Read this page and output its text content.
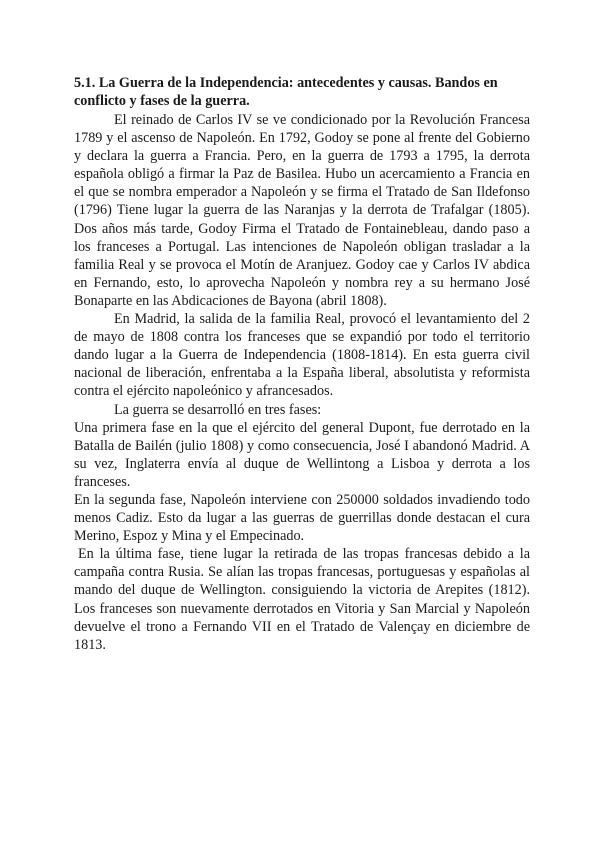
5.1. La Guerra de la Independencia: antecedentes y causas. Bandos en conflicto y fases de la guerra.

El reinado de Carlos IV se ve condicionado por la Revolución Francesa 1789 y el ascenso de Napoleón. En 1792, Godoy se pone al frente del Gobierno y declara la guerra a Francia. Pero, en la guerra de 1793 a 1795, la derrota española obligó a firmar la Paz de Basilea. Hubo un acercamiento a Francia en el que se nombra emperador a Napoleón y se firma el Tratado de San Ildefonso (1796) Tiene lugar la guerra de las Naranjas y la derrota de Trafalgar (1805). Dos años más tarde, Godoy Firma el Tratado de Fontainebleau, dando paso a los franceses a Portugal. Las intenciones de Napoleón obligan trasladar a la familia Real y se provoca el Motín de Aranjuez. Godoy cae y Carlos IV abdica en Fernando, esto, lo aprovecha Napoleón y nombra rey a su hermano José Bonaparte en las Abdicaciones de Bayona (abril 1808).

En Madrid, la salida de la familia Real, provocó el levantamiento del 2 de mayo de 1808 contra los franceses que se expandió por todo el territorio dando lugar a la Guerra de Independencia (1808-1814). En esta guerra civil nacional de liberación, enfrentaba a la España liberal, absolutista y reformista contra el ejército napoleónico y afrancesados.

La guerra se desarrolló en tres fases:

Una primera fase en la que el ejército del general Dupont, fue derrotado en la Batalla de Bailén (julio 1808) y como consecuencia, José I abandonó Madrid. A su vez, Inglaterra envía al duque de Wellintong a Lisboa y derrota a los franceses.

En la segunda fase, Napoleón interviene con 250000 soldados invadiendo todo menos Cadiz. Esto da lugar a las guerras de guerrillas donde destacan el cura Merino, Espoz y Mina y el Empecinado.

En la última fase, tiene lugar la retirada de las tropas francesas debido a la campaña contra Rusia. Se alían las tropas francesas, portuguesas y españolas al mando del duque de Wellington. consiguiendo la victoria de Arepites (1812). Los franceses son nuevamente derrotados en Vitoria y San Marcial y Napoleón devuelve el trono a Fernando VII en el Tratado de Valençay en diciembre de 1813.
